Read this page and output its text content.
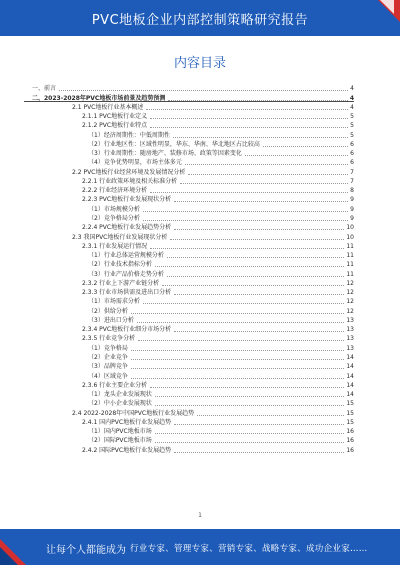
PVC地板企业内部控制策略研究报告
内容目录
一、前言	4
二、2023-2028年PVC地板市场前景及趋势预测	4
2.1 PVC地板行业基本概述	4
2.1.1 PVC地板行业定义	5
2.1.2 PVC地板行业特点	5
（1）经济周期性：中低周期性	5
（2）行业地区性：区域性明显，华东、华南、华北地区占比较高	6
（3）行业周期性：随房地产、装修市场、政策等因素变化	6
（4）竞争优势明显，市场主体多元	6
2.2 PVC地板行业经营环境及发展情况分析	7
2.2.1 行业政策环境及相关标准分析	7
2.2.2 行业经济环境分析	8
2.2.3 PVC地板行业发展现状分析	9
（1）市场规模分析	9
（2）竞争格局分析	9
2.2.4 PVC地板行业发展趋势分析	10
2.3 我国PVC地板行业发展现状分析	10
2.3.1 行业发展运行情况	11
（1）行业总体运营规模分析	11
（2）行业技术指标分析	11
（3）行业产品价格走势分析	11
2.3.2 行业上下游产业链分析	12
2.3.3 行业市场供需及进出口分析	12
（1）市场需求分析	12
（2）供给分析	12
（3）进出口分析	13
2.3.4 PVC地板行业细分市场分析	13
2.3.5 行业竞争分析	13
（1）竞争格局	13
（2）企业竞争	14
（3）品牌竞争	14
（4）区域竞争	14
2.3.6 行业主要企业分析	14
（1）龙头企业发展现状	14
（2）中小企业发展现状	15
2.4 2022-2028年中国PVC地板行业发展趋势	15
2.4.1 国内PVC地板行业发展趋势	15
（1）国内PVC地板市场	16
（2）国际PVC地板市场	16
2.4.2 国际PVC地板行业发展趋势	16
1
让每个人都能成为 行业专家、管理专家、营销专家、战略专家、成功企业家……
